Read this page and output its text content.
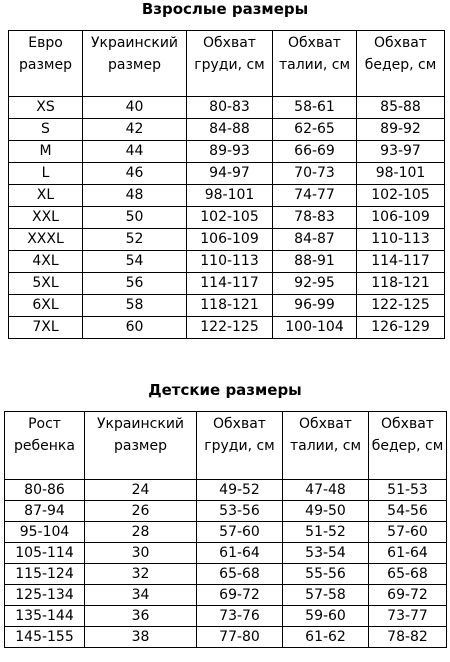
Взрослые размеры
Евро размер	Украинский размер	Обхват груди, см	Обхват талии, см	Обхват бедер, см
XS	40	80-83	58-61	85-88
S	42	84-88	62-65	89-92
M	44	89-93	66-69	93-97
L	46	94-97	70-73	98-101
XL	48	98-101	74-77	102-105
XXL	50	102-105	78-83	106-109
XXXL	52	106-109	84-87	110-113
4XL	54	110-113	88-91	114-117
5XL	56	114-117	92-95	118-121
6XL	58	118-121	96-99	122-125
7XL	60	122-125	100-104	126-129
Детские размеры
Рост ребенка	Украинский размер	Обхват груди, см	Обхват талии, см	Обхват бедер, см
80-86	24	49-52	47-48	51-53
87-94	26	53-56	49-50	54-56
95-104	28	57-60	51-52	57-60
105-114	30	61-64	53-54	61-64
115-124	32	65-68	55-56	65-68
125-134	34	69-72	57-58	69-72
135-144	36	73-76	59-60	73-77
145-155	38	77-80	61-62	78-82
